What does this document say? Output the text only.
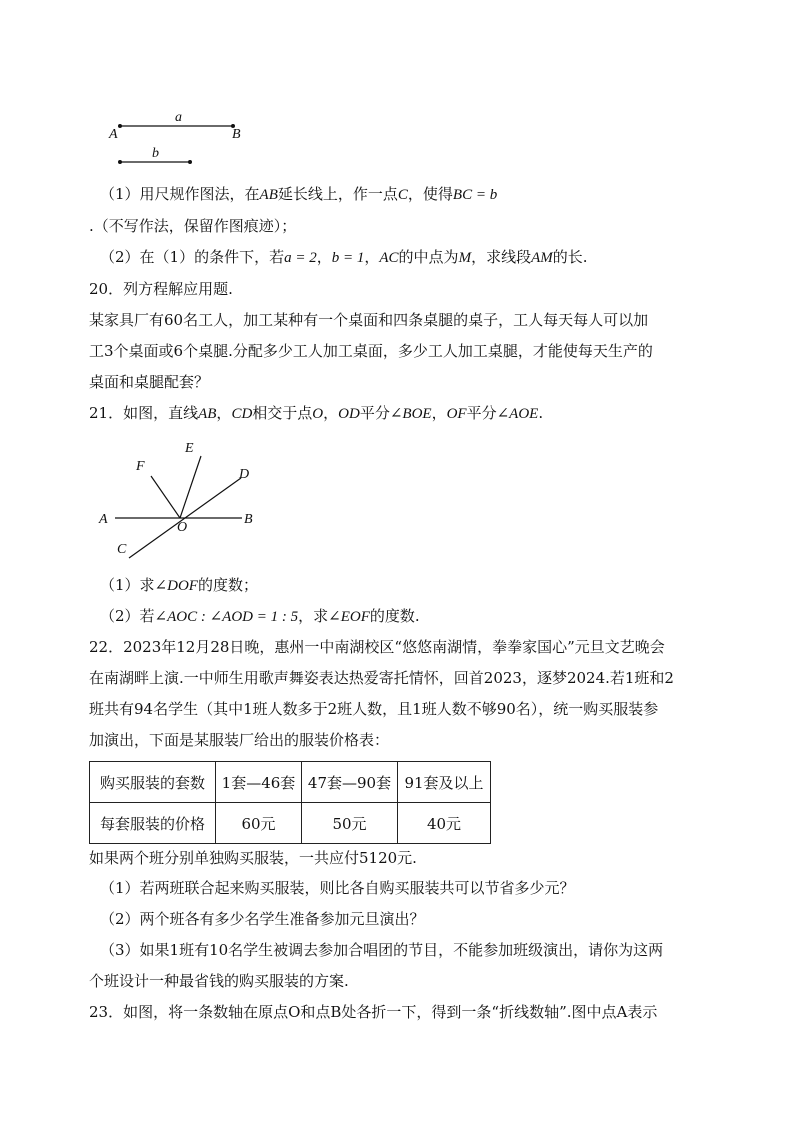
a
A	B
b
（1）用尺规作图法，在AB延长线上，作一点C，使得BC = b
.（不写作法，保留作图痕迹）；
（2）在（1）的条件下，若a = 2，b = 1，AC的中点为M，求线段AM的长.
20．列方程解应用题.
某家具厂有60名工人，加工某种有一个桌面和四条桌腿的桌子，工人每天每人可以加
工3个桌面或6个桌腿.分配多少工人加工桌面，多少工人加工桌腿，才能使每天生产的
桌面和桌腿配套？
21．如图，直线AB，CD相交于点O，OD平分∠BOE，OF平分∠AOE.
A	B
C
D
E
F
O
（1）求∠DOF的度数；
（2）若∠AOC : ∠AOD = 1 : 5，求∠EOF的度数.
22．2023年12月28日晚，惠州一中南湖校区“悠悠南湖情，拳拳家国心”元旦文艺晚会
在南湖畔上演.一中师生用歌声舞姿表达热爱寄托情怀，回首2023，逐梦2024.若1班和2
班共有94名学生（其中1班人数多于2班人数，且1班人数不够90名），统一购买服装参
加演出，下面是某服装厂给出的服装价格表：
购买服装的套数	1套—46套	47套—90套	91套及以上
每套服装的价格	60元	50元	40元
如果两个班分别单独购买服装，一共应付5120元.
（1）若两班联合起来购买服装，则比各自购买服装共可以节省多少元？
（2）两个班各有多少名学生准备参加元旦演出？
（3）如果1班有10名学生被调去参加合唱团的节目，不能参加班级演出，请你为这两
个班设计一种最省钱的购买服装的方案.
23．如图，将一条数轴在原点O和点B处各折一下，得到一条“折线数轴”.图中点A表示
